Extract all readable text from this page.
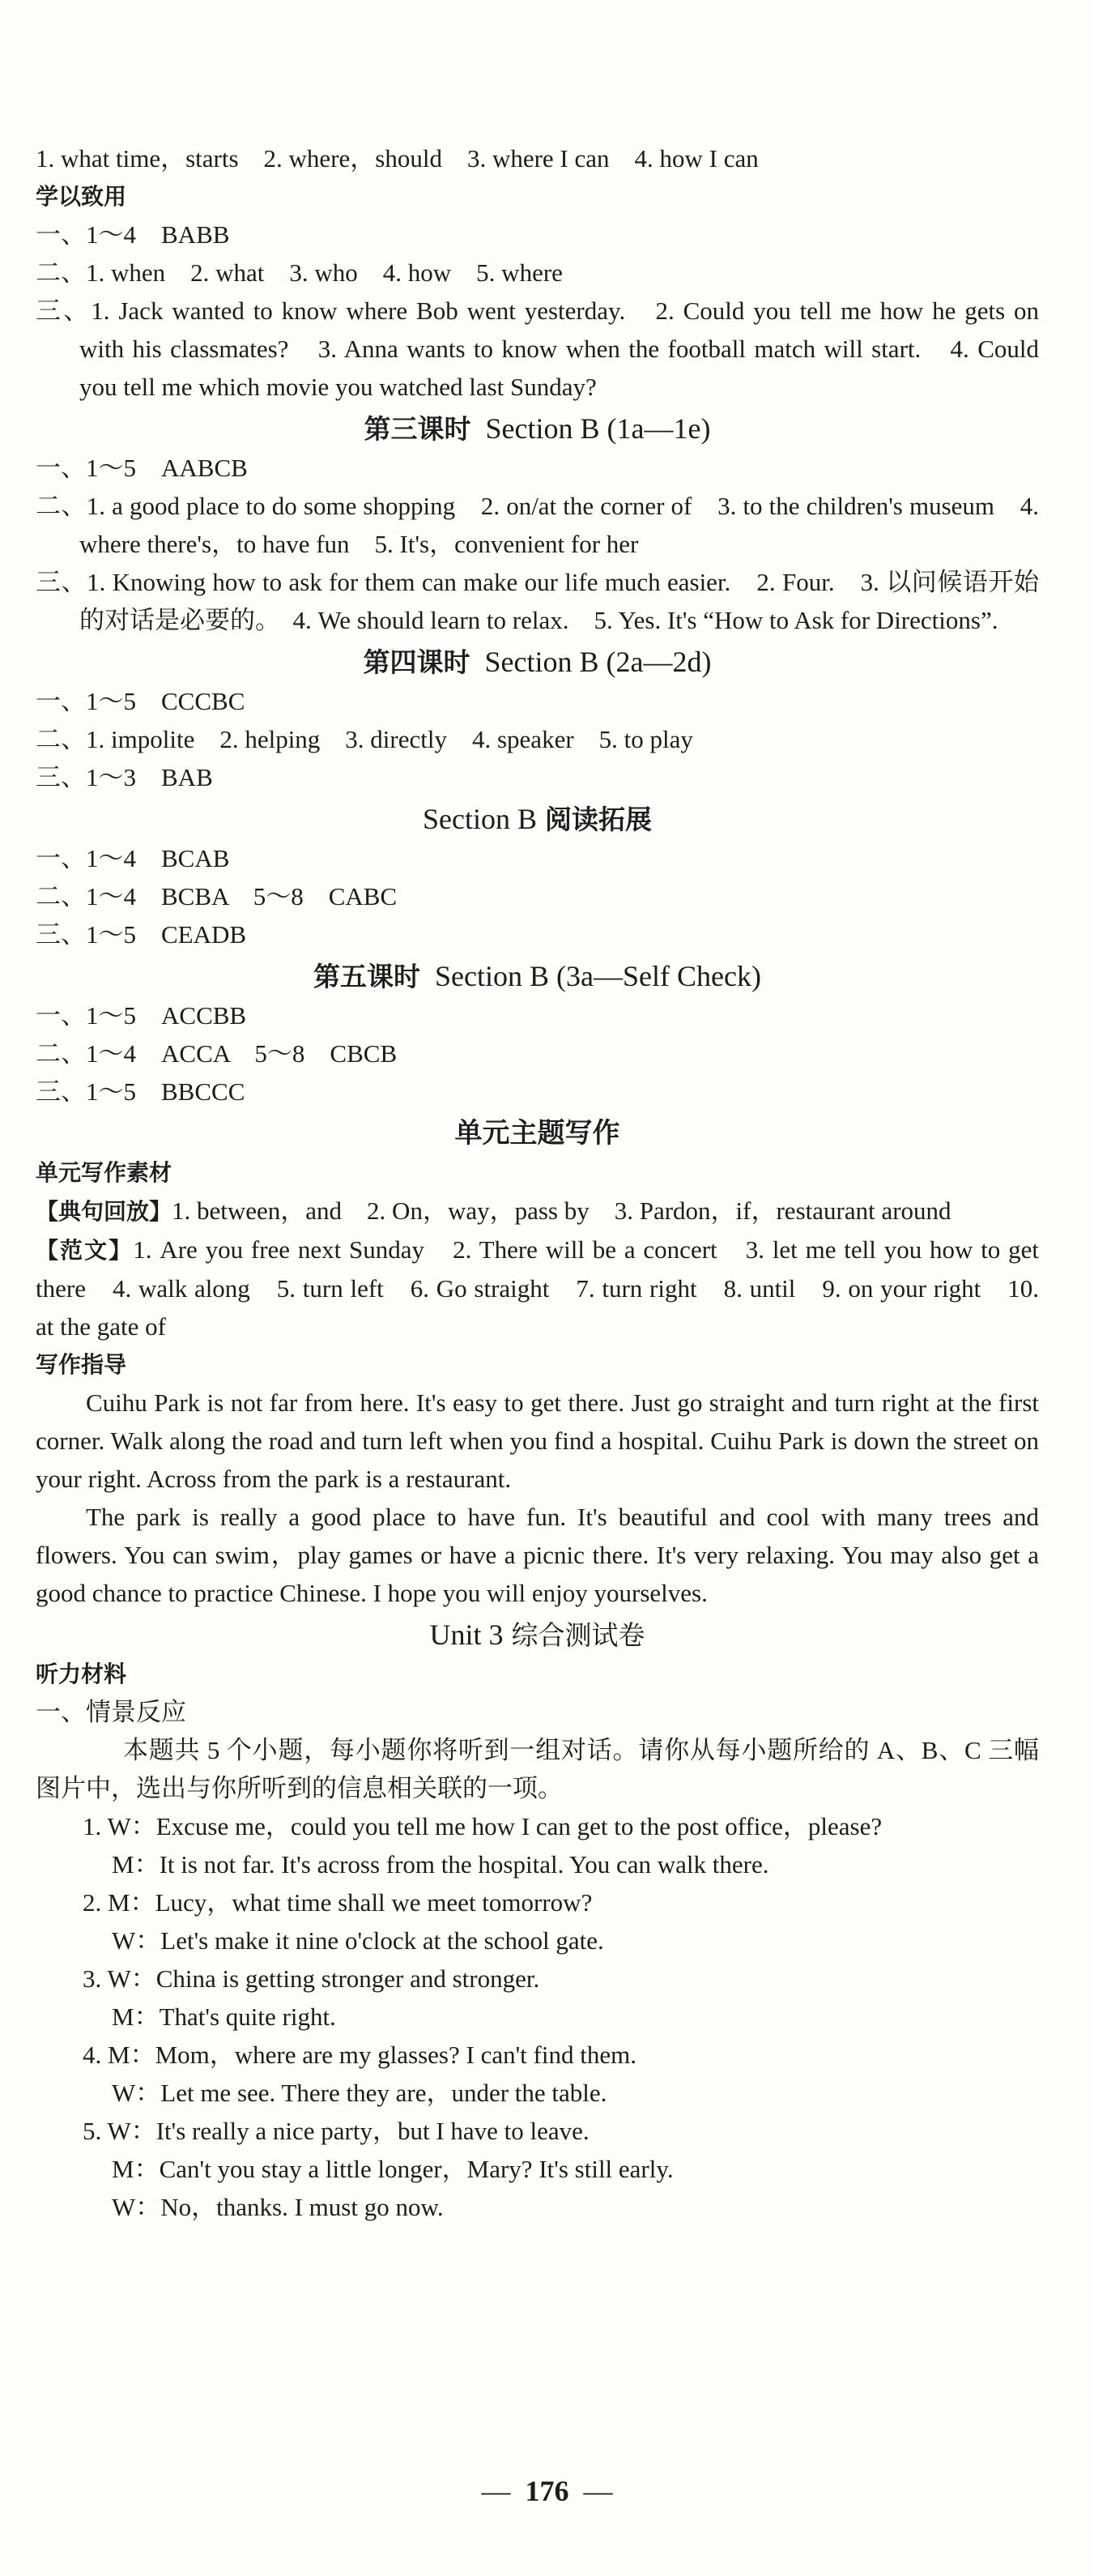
1. what time，starts　2. where，should　3. where I can　4. how I can
学以致用
一、1～4　BABB
二、1. when　2. what　3. who　4. how　5. where
三、1. Jack wanted to know where Bob went yesterday.　2. Could you tell me how he gets on with his classmates?　3. Anna wants to know when the football match will start.　4. Could you tell me which movie you watched last Sunday?
第三课时 Section B (1a—1e)
一、1～5　AABCB
二、1. a good place to do some shopping　2. on/at the corner of　3. to the children's museum　4. where there's，to have fun　5. It's，convenient for her
三、1. Knowing how to ask for them can make our life much easier.　2. Four.　3. 以问候语开始的对话是必要的。　4. We should learn to relax.　5. Yes. It's “How to Ask for Directions”.
第四课时 Section B (2a—2d)
一、1～5　CCCBC
二、1. impolite　2. helping　3. directly　4. speaker　5. to play
三、1～3　BAB
Section B 阅读拓展
一、1～4　BCAB
二、1～4　BCBA　5～8　CABC
三、1～5　CEADB
第五课时 Section B (3a—Self Check)
一、1～5　ACCBB
二、1～4　ACCA　5～8　CBCB
三、1～5　BBCCC
单元主题写作
单元写作素材
【典句回放】1. between，and　2. On，way，pass by　3. Pardon，if，restaurant around
【范文】1. Are you free next Sunday　2. There will be a concert　3. let me tell you how to get there　4. walk along　5. turn left　6. Go straight　7. turn right　8. until　9. on your right　10. at the gate of
写作指导
Cuihu Park is not far from here. It's easy to get there. Just go straight and turn right at the first corner. Walk along the road and turn left when you find a hospital. Cuihu Park is down the street on your right. Across from the park is a restaurant.
The park is really a good place to have fun. It's beautiful and cool with many trees and flowers. You can swim，play games or have a picnic there. It's very relaxing. You may also get a good chance to practice Chinese. I hope you will enjoy yourselves.
Unit 3 综合测试卷
听力材料
一、情景反应
本题共 5 个小题，每小题你将听到一组对话。请你从每小题所给的 A、B、C 三幅图片中，选出与你所听到的信息相关联的一项。
1. W：Excuse me，could you tell me how I can get to the post office，please?
M：It is not far. It's across from the hospital. You can walk there.
2. M：Lucy，what time shall we meet tomorrow?
W：Let's make it nine o'clock at the school gate.
3. W：China is getting stronger and stronger.
M：That's quite right.
4. M：Mom，where are my glasses? I can't find them.
W：Let me see. There they are，under the table.
5. W：It's really a nice party，but I have to leave.
M：Can't you stay a little longer，Mary? It's still early.
W：No，thanks. I must go now.
— 176 —
